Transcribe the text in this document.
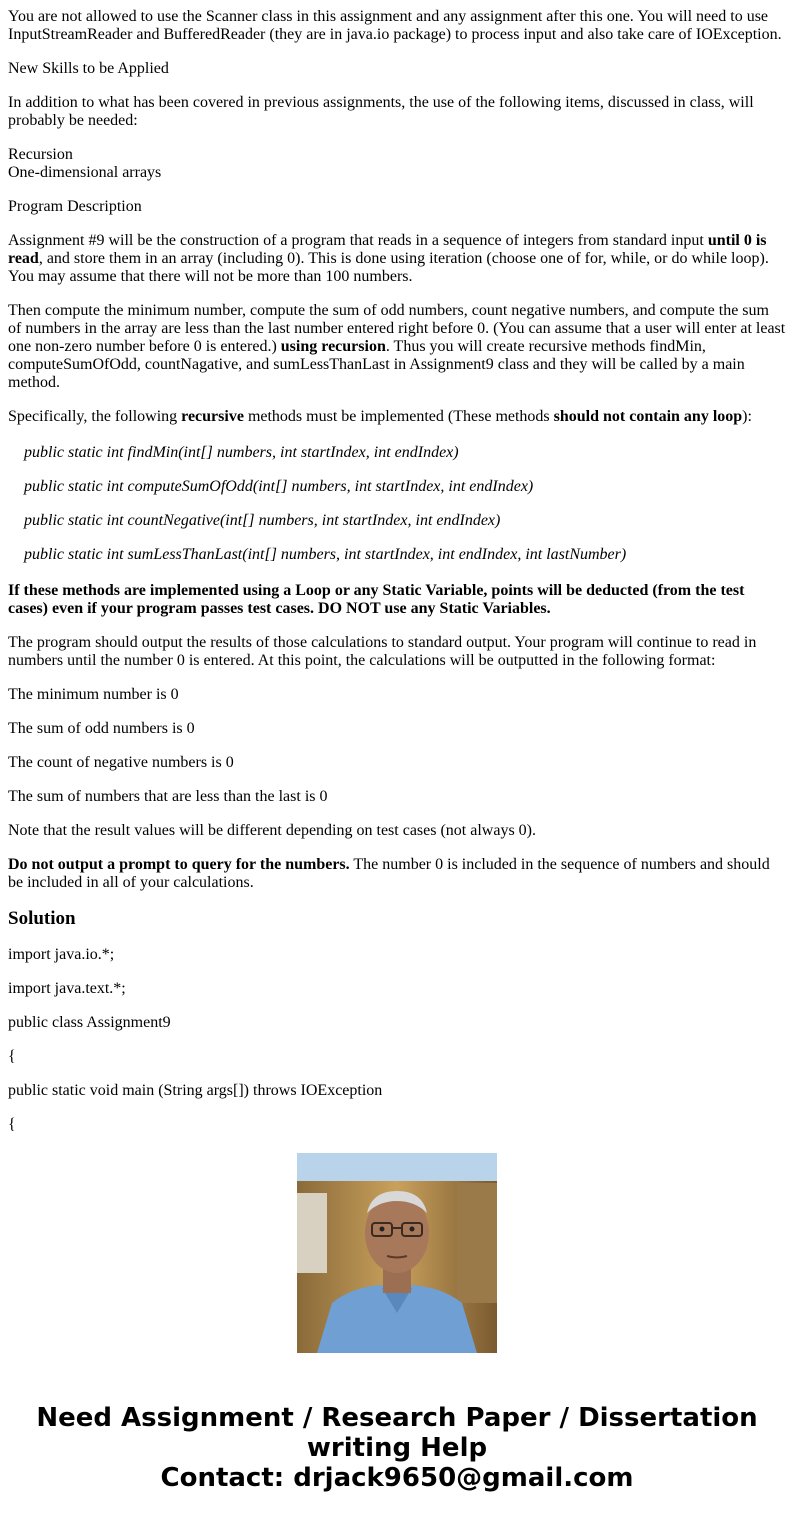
You are not allowed to use the Scanner class in this assignment and any assignment after this one. You will need to use InputStreamReader and BufferedReader (they are in java.io package) to process input and also take care of IOException.

New Skills to be Applied

In addition to what has been covered in previous assignments, the use of the following items, discussed in class, will probably be needed:

Recursion
One-dimensional arrays

Program Description

Assignment #9 will be the construction of a program that reads in a sequence of integers from standard input until 0 is read, and store them in an array (including 0). This is done using iteration (choose one of for, while, or do while loop). You may assume that there will not be more than 100 numbers.

Then compute the minimum number, compute the sum of odd numbers, count negative numbers, and compute the sum of numbers in the array are less than the last number entered right before 0. (You can assume that a user will enter at least one non-zero number before 0 is entered.) using recursion. Thus you will create recursive methods findMin, computeSumOfOdd, countNagative, and sumLessThanLast in Assignment9 class and they will be called by a main method.

Specifically, the following recursive methods must be implemented (These methods should not contain any loop):

public static int findMin(int[] numbers, int startIndex, int endIndex)

public static int computeSumOfOdd(int[] numbers, int startIndex, int endIndex)

public static int countNegative(int[] numbers, int startIndex, int endIndex)

public static int sumLessThanLast(int[] numbers, int startIndex, int endIndex, int lastNumber)

If these methods are implemented using a Loop or any Static Variable, points will be deducted (from the test cases) even if your program passes test cases. DO NOT use any Static Variables.

The program should output the results of those calculations to standard output. Your program will continue to read in numbers until the number 0 is entered. At this point, the calculations will be outputted in the following format:

The minimum number is 0

The sum of odd numbers is 0

The count of negative numbers is 0

The sum of numbers that are less than the last is 0

Note that the result values will be different depending on test cases (not always 0).

Do not output a prompt to query for the numbers. The number 0 is included in the sequence of numbers and should be included in all of your calculations.

Solution

import java.io.*;

import java.text.*;

public class Assignment9

{

public static void main (String args[]) throws IOException

{

Need Assignment / Research Paper / Dissertation
writing Help
Contact: drjack9650@gmail.com
